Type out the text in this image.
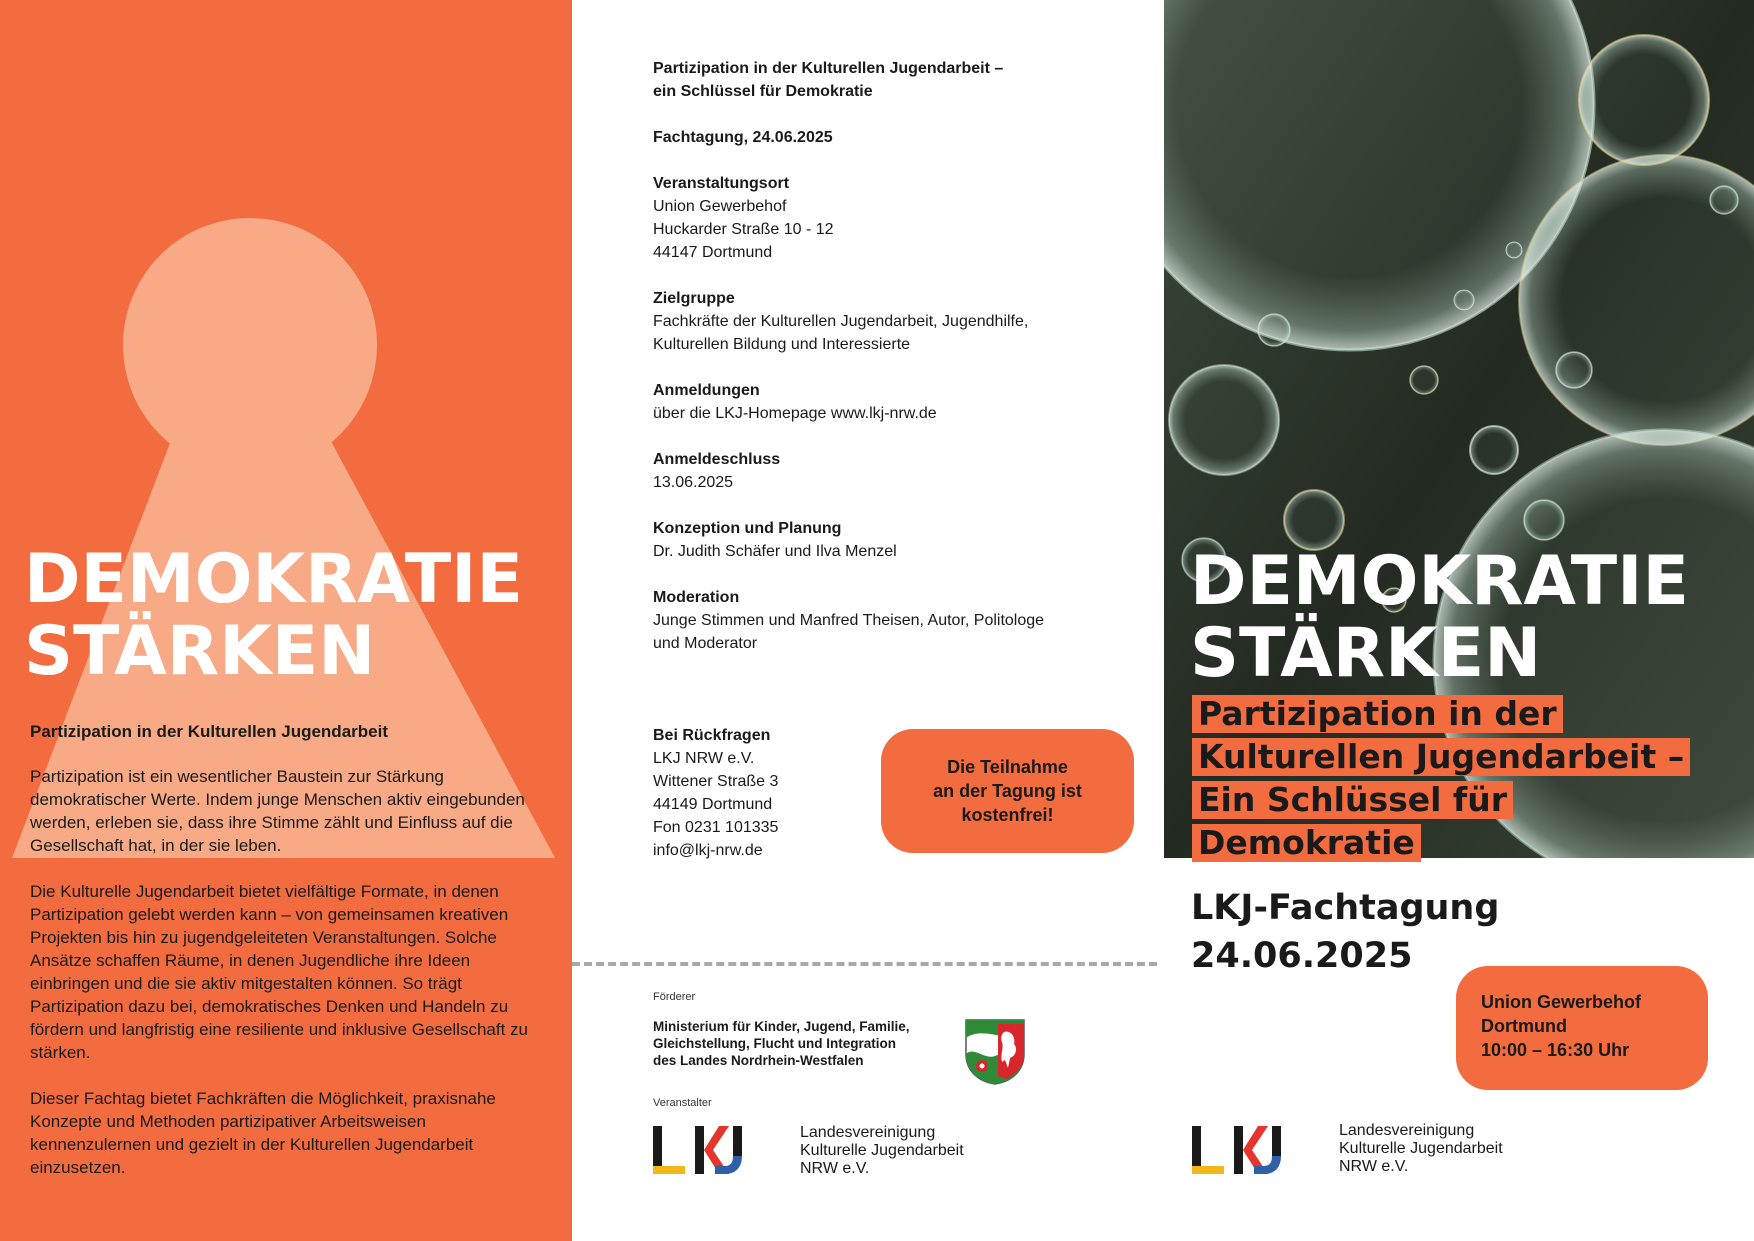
DEMOKRATIE
STÄRKEN
Partizipation in der Kulturellen Jugendarbeit

Partizipation ist ein wesentlicher Baustein zur Stärkung demokratischer Werte. Indem junge Menschen aktiv eingebunden werden, erleben sie, dass ihre Stimme zählt und Einfluss auf die Gesellschaft hat, in der sie leben.

Die Kulturelle Jugendarbeit bietet vielfältige Formate, in denen Partizipation gelebt werden kann – von gemeinsamen kreativen Projekten bis hin zu jugendgeleiteten Veranstaltungen. Solche Ansätze schaffen Räume, in denen Jugendliche ihre Ideen einbringen und die sie aktiv mitgestalten können. So trägt Partizipation dazu bei, demokratisches Denken und Handeln zu fördern und langfristig eine resiliente und inklusive Gesellschaft zu stärken.

Dieser Fachtag bietet Fachkräften die Möglichkeit, praxisnahe Konzepte und Methoden partizipativer Arbeitsweisen kennenzulernen und gezielt in der Kulturellen Jugendarbeit einzusetzen.

Partizipation in der Kulturellen Jugendarbeit –
ein Schlüssel für Demokratie
Fachtagung, 24.06.2025
Veranstaltungsort
Union Gewerbehof
Huckarder Straße 10 - 12
44147 Dortmund
Zielgruppe
Fachkräfte der Kulturellen Jugendarbeit, Jugendhilfe,
Kulturellen Bildung und Interessierte
Anmeldungen
über die LKJ-Homepage www.lkj-nrw.de
Anmeldeschluss
13.06.2025
Konzeption und Planung
Dr. Judith Schäfer und Ilva Menzel
Moderation
Junge Stimmen und Manfred Theisen, Autor, Politologe
und Moderator
Bei Rückfragen
LKJ NRW e.V.
Wittener Straße 3
44149 Dortmund
Fon 0231 101335
info@lkj-nrw.de
Die Teilnahme
an der Tagung ist
kostenfrei!
Förderer
Ministerium für Kinder, Jugend, Familie,
Gleichstellung, Flucht und Integration
des Landes Nordrhein-Westfalen
Veranstalter
Landesvereinigung
Kulturelle Jugendarbeit
NRW e.V.
DEMOKRATIE
STÄRKEN
Partizipation in der
Kulturellen Jugendarbeit –
Ein Schlüssel für
Demokratie
LKJ-Fachtagung
24.06.2025
Union Gewerbehof
Dortmund
10:00 – 16:30 Uhr
Landesvereinigung
Kulturelle Jugendarbeit
NRW e.V.
